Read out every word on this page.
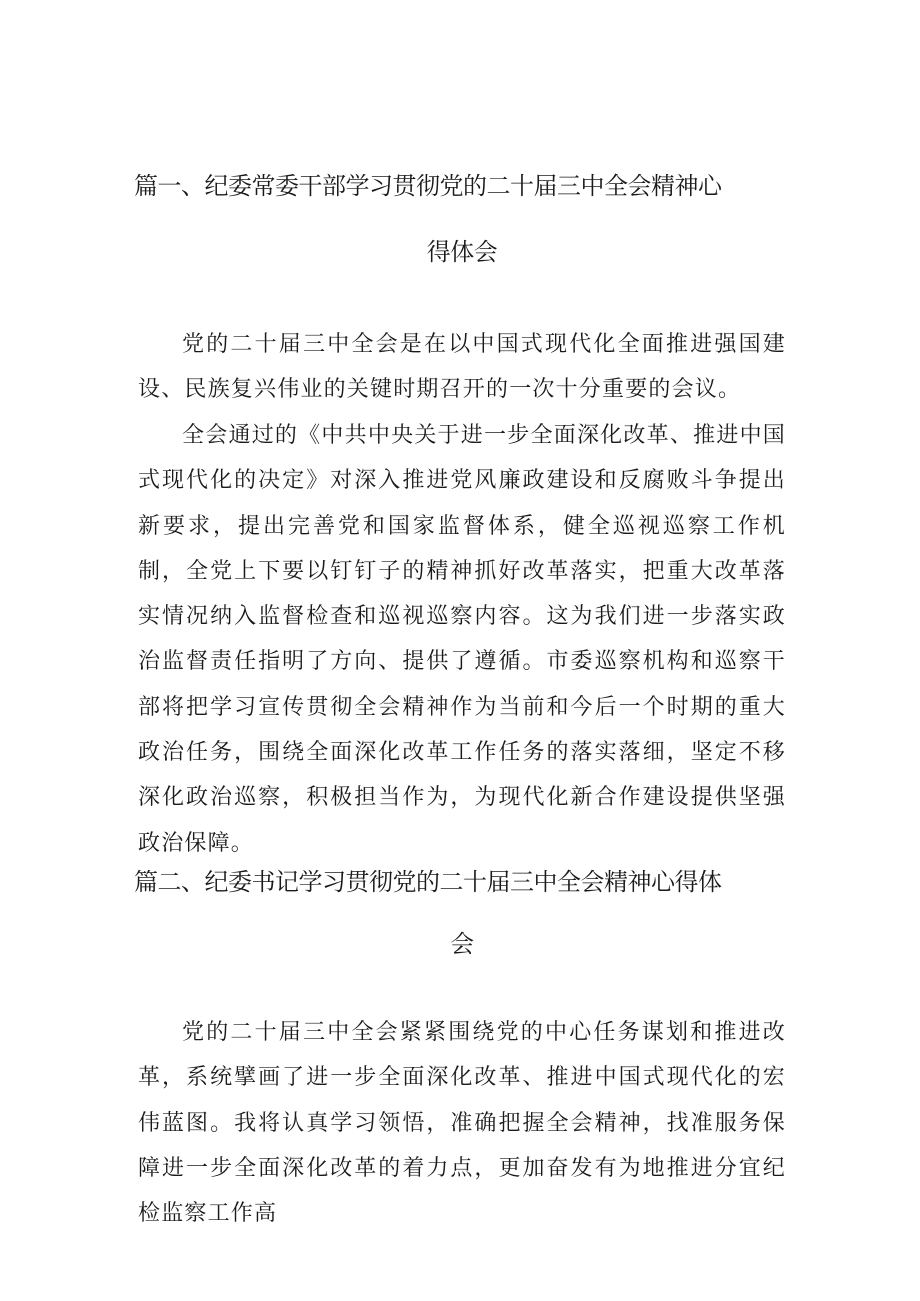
篇一、纪委常委干部学习贯彻党的二十届三中全会精神心
得体会

党的二十届三中全会是在以中国式现代化全面推进强国建设、民族复兴伟业的关键时期召开的一次十分重要的会议。

全会通过的《中共中央关于进一步全面深化改革、推进中国式现代化的决定》对深入推进党风廉政建设和反腐败斗争提出新要求，提出完善党和国家监督体系，健全巡视巡察工作机制，全党上下要以钉钉子的精神抓好改革落实，把重大改革落实情况纳入监督检查和巡视巡察内容。这为我们进一步落实政治监督责任指明了方向、提供了遵循。市委巡察机构和巡察干部将把学习宣传贯彻全会精神作为当前和今后一个时期的重大政治任务，围绕全面深化改革工作任务的落实落细，坚定不移深化政治巡察，积极担当作为，为现代化新合作建设提供坚强政治保障。

篇二、纪委书记学习贯彻党的二十届三中全会精神心得体
会

党的二十届三中全会紧紧围绕党的中心任务谋划和推进改革，系统擘画了进一步全面深化改革、推进中国式现代化的宏伟蓝图。我将认真学习领悟，准确把握全会精神，找准服务保障进一步全面深化改革的着力点，更加奋发有为地推进分宜纪检监察工作高
